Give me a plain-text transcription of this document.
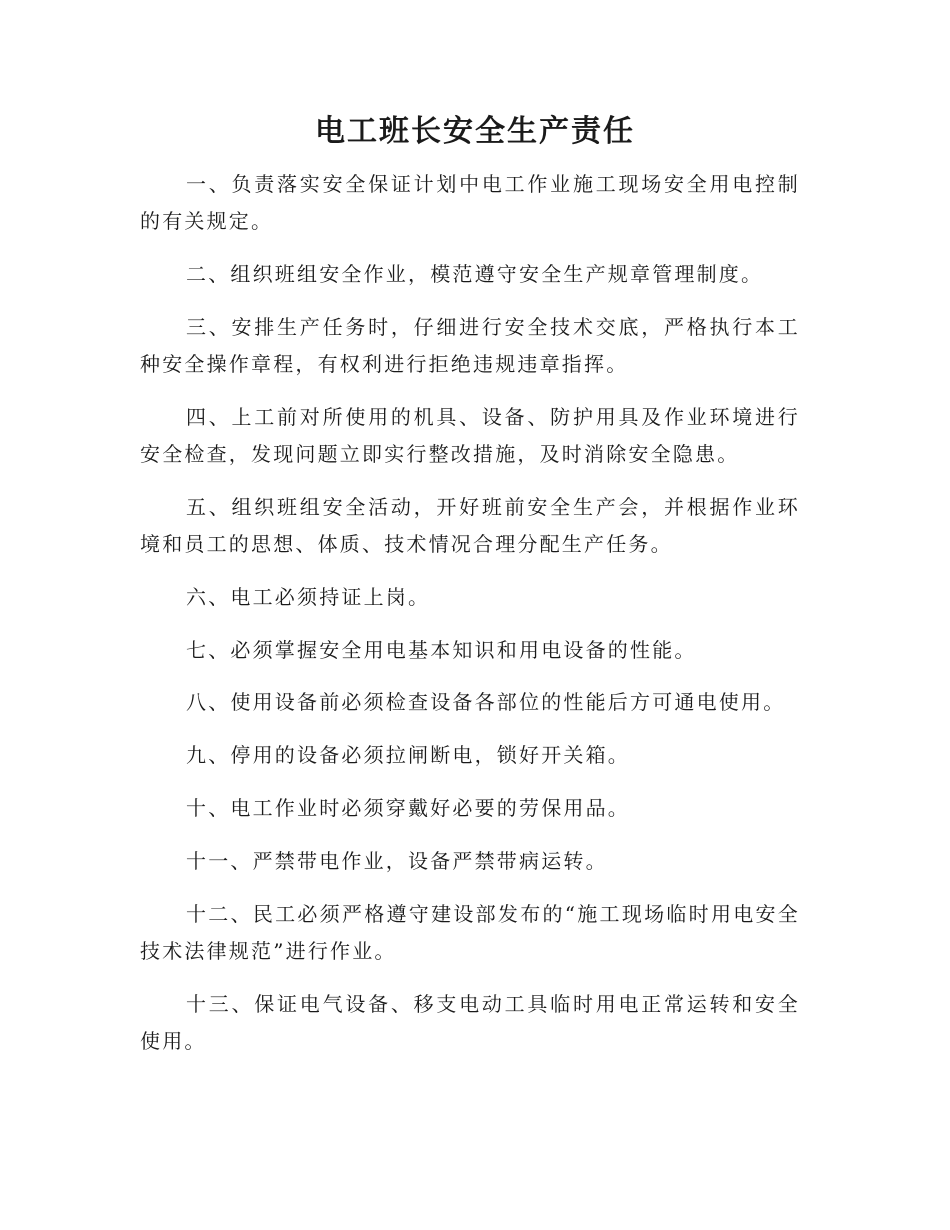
电工班长安全生产责任

一、负责落实安全保证计划中电工作业施工现场安全用电控制的有关规定。

二、组织班组安全作业，模范遵守安全生产规章管理制度。

三、安排生产任务时，仔细进行安全技术交底，严格执行本工种安全操作章程，有权利进行拒绝违规违章指挥。

四、上工前对所使用的机具、设备、防护用具及作业环境进行安全检查，发现问题立即实行整改措施，及时消除安全隐患。

五、组织班组安全活动，开好班前安全生产会，并根据作业环境和员工的思想、体质、技术情况合理分配生产任务。

六、电工必须持证上岗。

七、必须掌握安全用电基本知识和用电设备的性能。

八、使用设备前必须检查设备各部位的性能后方可通电使用。

九、停用的设备必须拉闸断电，锁好开关箱。

十、电工作业时必须穿戴好必要的劳保用品。

十一、严禁带电作业，设备严禁带病运转。

十二、民工必须严格遵守建设部发布的“施工现场临时用电安全技术法律规范”进行作业。

十三、保证电气设备、移支电动工具临时用电正常运转和安全使用。
